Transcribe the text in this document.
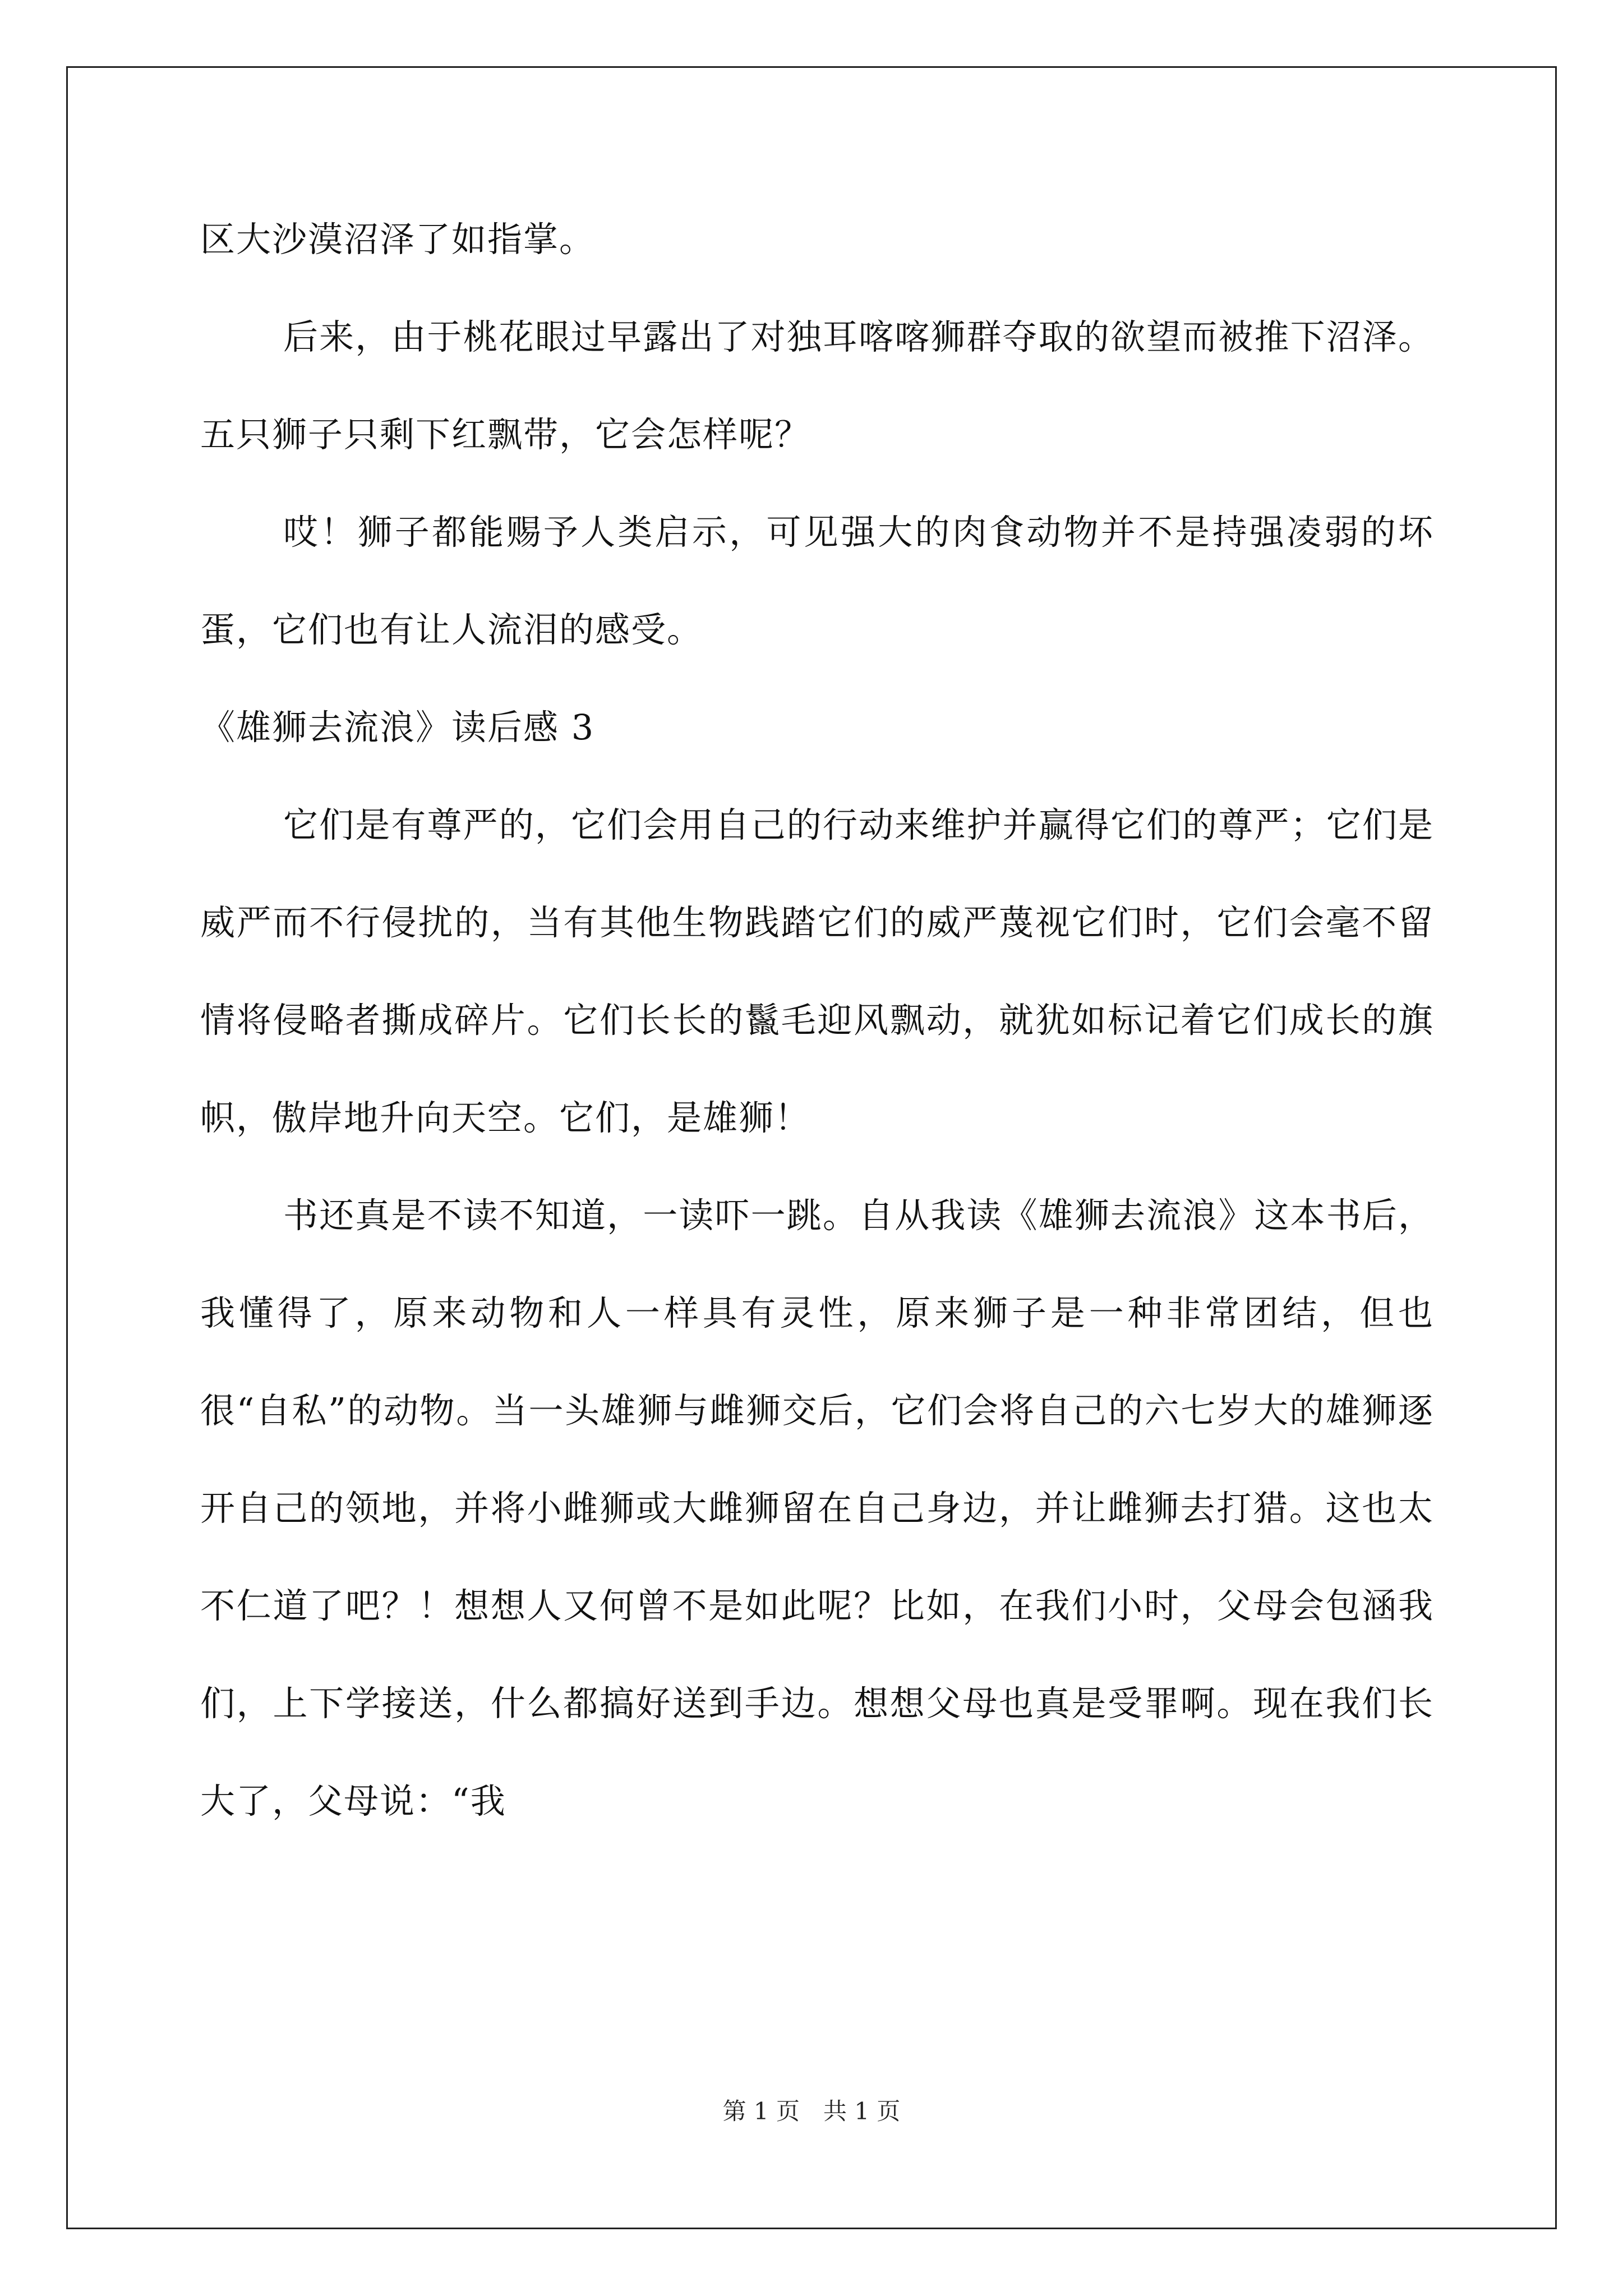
区大沙漠沼泽了如指掌。

后来，由于桃花眼过早露出了对独耳喀喀狮群夺取的欲望而被推下沼泽。五只狮子只剩下红飘带，它会怎样呢？

哎！狮子都能赐予人类启示，可见强大的肉食动物并不是持强凌弱的坏蛋，它们也有让人流泪的感受。

《雄狮去流浪》读后感 3

它们是有尊严的，它们会用自己的行动来维护并赢得它们的尊严；它们是威严而不行侵扰的，当有其他生物践踏它们的威严蔑视它们时，它们会毫不留情将侵略者撕成碎片。它们长长的鬣毛迎风飘动，就犹如标记着它们成长的旗帜，傲岸地升向天空。它们，是雄狮！

书还真是不读不知道，一读吓一跳。自从我读《雄狮去流浪》这本书后，我懂得了，原来动物和人一样具有灵性，原来狮子是一种非常团结，但也很“自私”的动物。当一头雄狮与雌狮交后，它们会将自己的六七岁大的雄狮逐开自己的领地，并将小雌狮或大雌狮留在自己身边，并让雌狮去打猎。这也太不仁道了吧？！想想人又何曾不是如此呢？比如，在我们小时，父母会包涵我们，上下学接送，什么都搞好送到手边。想想父母也真是受罪啊。现在我们长大了，父母说：“我

第 1 页　共 1 页
